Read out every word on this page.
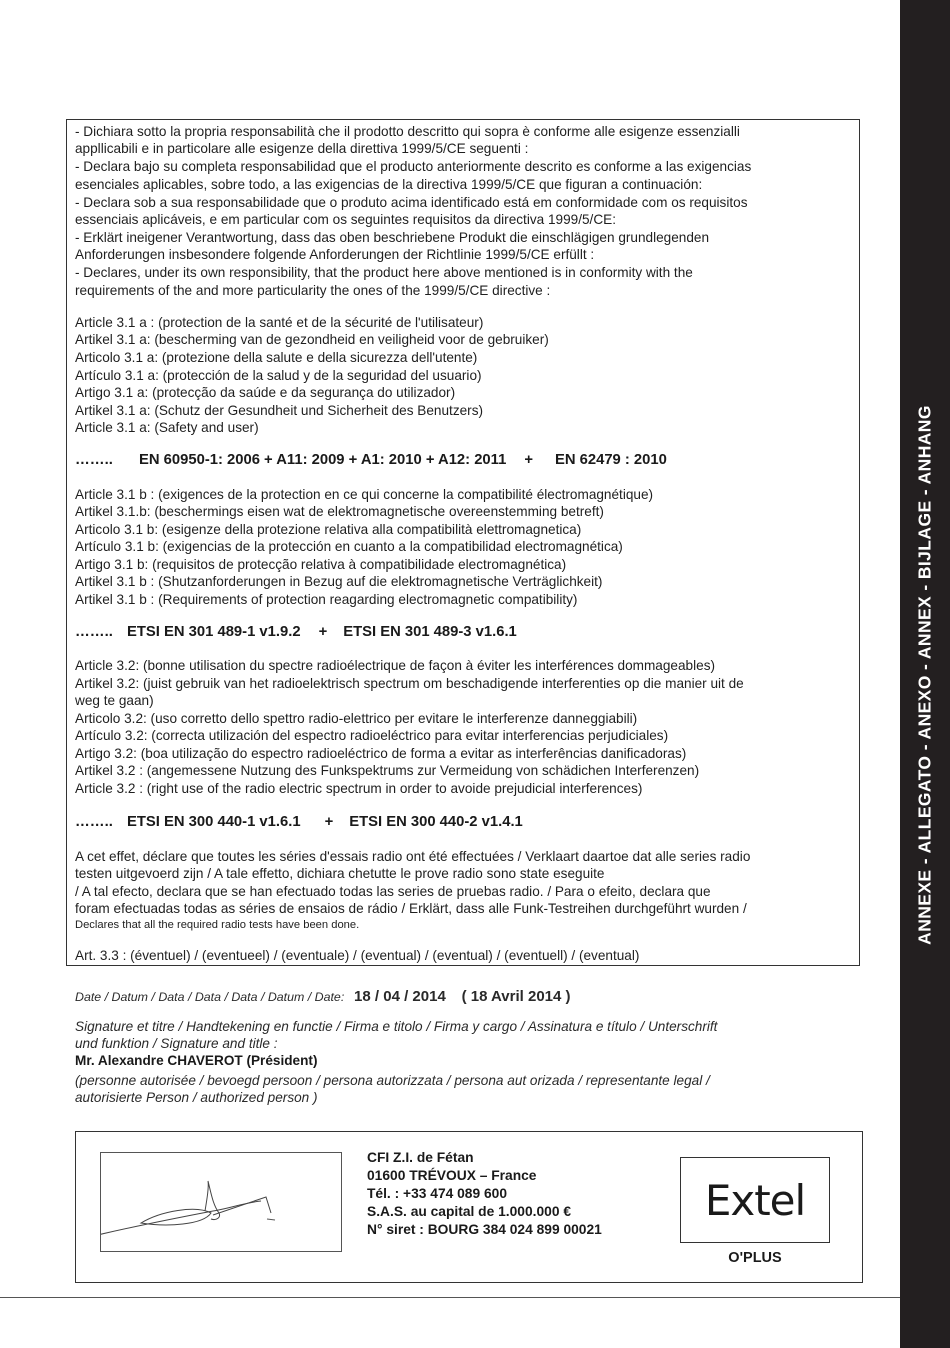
ANNEXE - ALLEGATO - ANEXO - ANNEX - BIJLAGE - ANHANG
- Dichiara sotto la propria responsabilità che il prodotto descritto qui sopra è conforme alle esigenze essenzialli
appllicabili e in particolare alle esigenze della direttiva 1999/5/CE seguenti :
- Declara bajo su completa responsabilidad que el producto anteriormente descrito es conforme a las exigencias
esenciales aplicables, sobre todo, a las exigencias de la directiva 1999/5/CE que figuran a continuación:
- Declara sob a sua responsabilidade que o produto acima identificado está em conformidade com os requisitos
essenciais aplicáveis, e em particular com os seguintes requisitos da directiva 1999/5/CE:
- Erklärt ineigener Verantwortung, dass das oben beschriebene Produkt die einschlägigen grundlegenden
Anforderungen insbesondere folgende Anforderungen der Richtlinie 1999/5/CE erfüllt :
- Declares, under its own responsibility, that the product here above mentioned is in conformity with the
requirements of the and more particularity the ones of the 1999/5/CE directive :
Article 3.1 a : (protection de la santé et de la sécurité de l'utilisateur)
Artikel 3.1 a: (bescherming van de gezondheid en veiligheid voor de gebruiker)
Articolo 3.1 a: (protezione della salute e della sicurezza dell'utente)
Artículo 3.1 a: (protección de la salud y de la seguridad del usuario)
Artigo 3.1 a: (protecção da saúde e da segurança do utilizador)
Artikel 3.1 a: (Schutz der Gesundheit und Sicherheit des Benutzers)
Article 3.1 a: (Safety and user)
…….. EN 60950-1: 2006 + A11: 2009 + A1: 2010 + A12: 2011 + EN 62479 : 2010
Article 3.1 b : (exigences de la protection en ce qui concerne la compatibilité électromagnétique)
Artikel 3.1.b: (beschermings eisen wat de elektromagnetische overeenstemming betreft)
Articolo 3.1 b: (esigenze della protezione relativa alla compatibilità elettromagnetica)
Artículo 3.1 b: (exigencias de la protección en cuanto a la compatibilidad electromagnética)
Artigo 3.1 b: (requisitos de protecção relativa à compatibilidade electromagnética)
Artikel 3.1 b : (Shutzanforderungen in Bezug auf die elektromagnetische Verträglichkeit)
Artikel 3.1 b : (Requirements of protection reagarding electromagnetic compatibility)
…….. ETSI EN 301 489-1 v1.9.2 + ETSI EN 301 489-3 v1.6.1
Article 3.2: (bonne utilisation du spectre radioélectrique de façon à éviter les interférences dommageables)
Artikel 3.2: (juist gebruik van het radioelektrisch spectrum om beschadigende interferenties op die manier uit de
weg te gaan)
Articolo 3.2: (uso corretto dello spettro radio-elettrico per evitare le interferenze danneggiabili)
Artículo 3.2: (correcta utilización del espectro radioeléctrico para evitar interferencias perjudiciales)
Artigo 3.2: (boa utilização do espectro radioeléctrico de forma a evitar as interferências danificadoras)
Artikel 3.2 : (angemessene Nutzung des Funkspektrums zur Vermeidung von schädichen Interferenzen)
Article 3.2 : (right use of the radio electric spectrum in order to avoide prejudicial interferences)
…….. ETSI EN 300 440-1 v1.6.1 + ETSI EN 300 440-2 v1.4.1
A cet effet, déclare que toutes les séries d'essais radio ont été effectuées / Verklaart daartoe dat alle series radio
testen uitgevoerd zijn / A tale effetto, dichiara chetutte le prove radio sono state eseguite
/ A tal efecto, declara que se han efectuado todas las series de pruebas radio. / Para o efeito, declara que
foram efectuadas todas as séries de ensaios de rádio / Erklärt, dass alle Funk-Testreihen durchgeführt wurden /
Declares that all the required radio tests have been done.
Art. 3.3 : (éventuel) / (eventueel) / (eventuale) / (eventual) / (eventual) / (eventuell) / (eventual)
Date / Datum / Data / Data / Data / Datum / Date: 18 / 04 / 2014 ( 18 Avril 2014 )
Signature et titre / Handtekening en functie / Firma e titolo / Firma y cargo / Assinatura e título / Unterschrift
und funktion / Signature and title :
Mr. Alexandre CHAVEROT (Président)
(personne autorisée / bevoegd persoon / persona autorizzata / persona aut orizada / representante legal /
autorisierte Person / authorized person )
CFI Z.I. de Fétan
01600 TRÉVOUX – France
Tél. : +33 474 089 600
S.A.S. au capital de 1.000.000 €
N° siret : BOURG 384 024 899 00021
Extel
O'PLUS
